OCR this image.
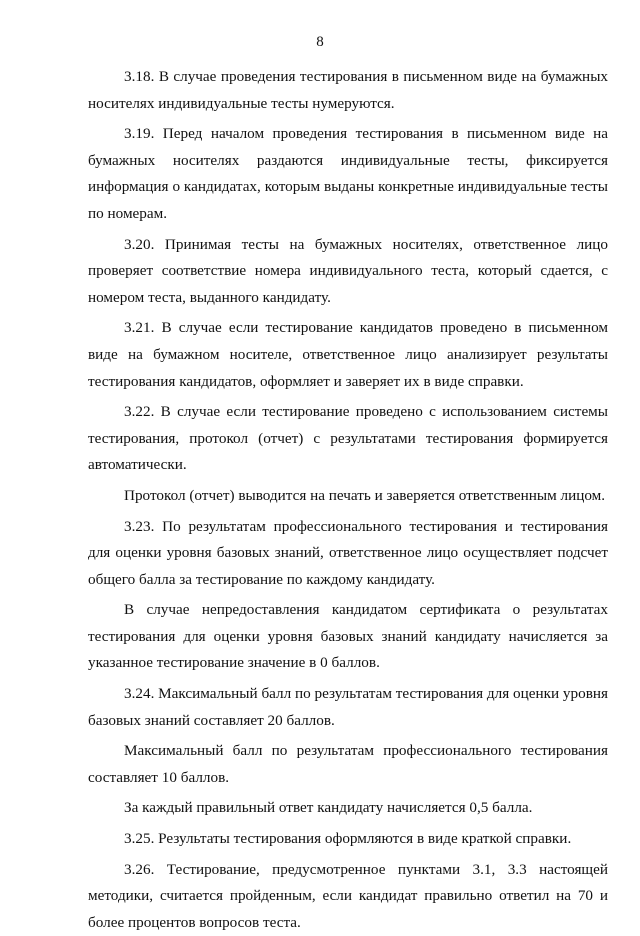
8

3.18. В случае проведения тестирования в письменном виде на бумажных носителях индивидуальные тесты нумеруются.

3.19. Перед началом проведения тестирования в письменном виде на бумажных носителях раздаются индивидуальные тесты, фиксируется информация о кандидатах, которым выданы конкретные индивидуальные тесты по номерам.

3.20. Принимая тесты на бумажных носителях, ответственное лицо проверяет соответствие номера индивидуального теста, который сдается, с номером теста, выданного кандидату.

3.21. В случае если тестирование кандидатов проведено в письменном виде на бумажном носителе, ответственное лицо анализирует результаты тестирования кандидатов, оформляет и заверяет их в виде справки.

3.22. В случае если тестирование проведено с использованием системы тестирования, протокол (отчет) с результатами тестирования формируется автоматически.

Протокол (отчет) выводится на печать и заверяется ответственным лицом.

3.23. По результатам профессионального тестирования и тестирования для оценки уровня базовых знаний, ответственное лицо осуществляет подсчет общего балла за тестирование по каждому кандидату.

В случае непредоставления кандидатом сертификата о результатах тестирования для оценки уровня базовых знаний кандидату начисляется за указанное тестирование значение в 0 баллов.

3.24. Максимальный балл по результатам тестирования для оценки уровня базовых знаний составляет 20 баллов.

Максимальный балл по результатам профессионального тестирования составляет 10 баллов.

За каждый правильный ответ кандидату начисляется 0,5 балла.

3.25. Результаты тестирования оформляются в виде краткой справки.

3.26. Тестирование, предусмотренное пунктами 3.1, 3.3 настоящей методики, считается пройденным, если кандидат правильно ответил на 70 и более процентов вопросов теста.
